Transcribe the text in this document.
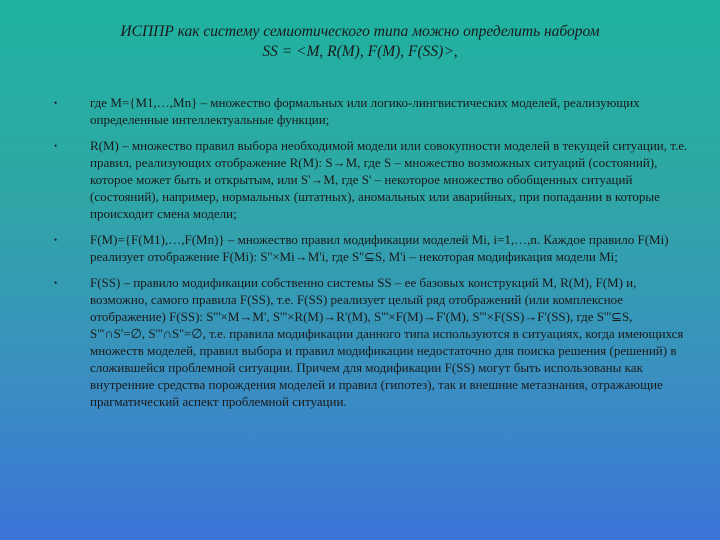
ИСППР как систему семиотического типа можно определить набором
SS = <M, R(M), F(M), F(SS)>,
•	где M={M1,…,Mn} – множество формальных или логико-лингвистических моделей, реализующих определенные интеллектуальные функции;
•	R(M) – множество правил выбора необходимой модели или совокупности моделей в текущей ситуации, т.е. правил, реализующих отображение R(M): S→M, где S – множество возможных ситуаций (состояний), которое может быть и открытым, или S'→M, где S' – некоторое множество обобщенных ситуаций (состояний), например, нормальных (штатных), аномальных или аварийных, при попадании в которые происходит смена модели;
•	F(M)={F(M1),…,F(Mn)} – множество правил модификации моделей Mi, i=1,…,n. Каждое правило F(Mi) реализует отображение F(Mi): S''×Mi→M'i, где S''⊆S, M'i – некоторая модификация модели Mi;
•	F(SS) – правило модификации собственно системы SS – ее базовых конструкций M, R(M), F(M) и, возможно, самого правила F(SS), т.е. F(SS) реализует целый ряд отображений (или комплексное отображение) F(SS): S'''×M→M', S'''×R(M)→R'(M), S'''×F(M)→F'(M), S'''×F(SS)→F'(SS), где S'''⊆S, S'''∩S'=∅, S'''∩S''=∅, т.е. правила модификации данного типа используются в ситуациях, когда имеющихся множеств моделей, правил выбора и правил модификации недостаточно для поиска решения (решений) в сложившейся проблемной ситуации. Причем для модификации F(SS) могут быть использованы как внутренние средства порождения моделей и правил (гипотез), так и внешние метазнания, отражающие прагматический аспект проблемной ситуации.
